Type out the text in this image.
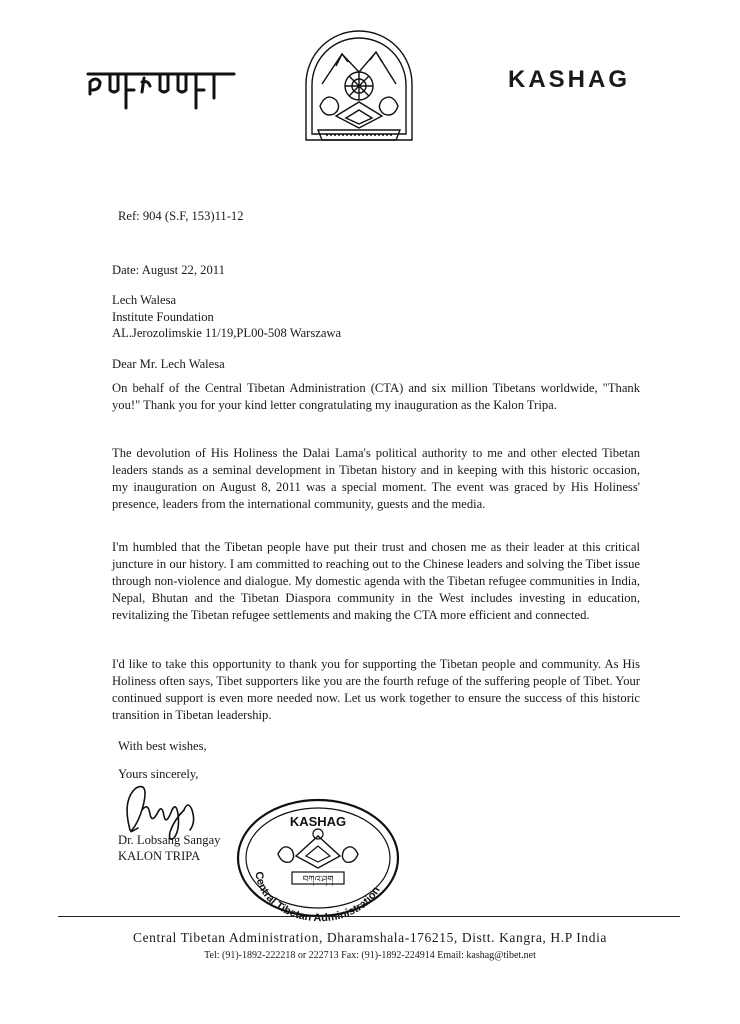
KASHAG
Ref: 904 (S.F, 153)11-12
Date: August 22, 2011
Lech Walesa
Institute Foundation
AL.Jerozolimskie 11/19,PL00-508 Warszawa
Dear Mr. Lech Walesa
On behalf of the Central Tibetan Administration (CTA) and six million Tibetans worldwide, "Thank you!" Thank you for your kind letter congratulating my inauguration as the Kalon Tripa.
The devolution of His Holiness the Dalai Lama's political authority to me and other elected Tibetan leaders stands as a seminal development in Tibetan history and in keeping with this historic occasion, my inauguration on August 8, 2011 was a special moment. The event was graced by His Holiness' presence, leaders from the international community, guests and the media.
I'm humbled that the Tibetan people have put their trust and chosen me as their leader at this critical juncture in our history. I am committed to reaching out to the Chinese leaders and solving the Tibet issue through non-violence and dialogue. My domestic agenda with the Tibetan refugee communities in India, Nepal, Bhutan and the Tibetan Diaspora community in the West includes investing in education, revitalizing the Tibetan refugee settlements and making the CTA more efficient and connected.
I'd like to take this opportunity to thank you for supporting the Tibetan people and community. As His Holiness often says, Tibet supporters like you are the fourth refuge of the suffering people of Tibet. Your continued support is even more needed now. Let us work together to ensure the success of this historic transition in Tibetan leadership.
With best wishes,
Yours sincerely,
Dr. Lobsang Sangay
KALON TRIPA
KASHAG
བཀའ་ཤག
Central Tibetan Administration
Central Tibetan Administration, Dharamshala-176215, Distt. Kangra, H.P India
Tel: (91)-1892-222218 or 222713 Fax: (91)-1892-224914 Email: kashag@tibet.net
